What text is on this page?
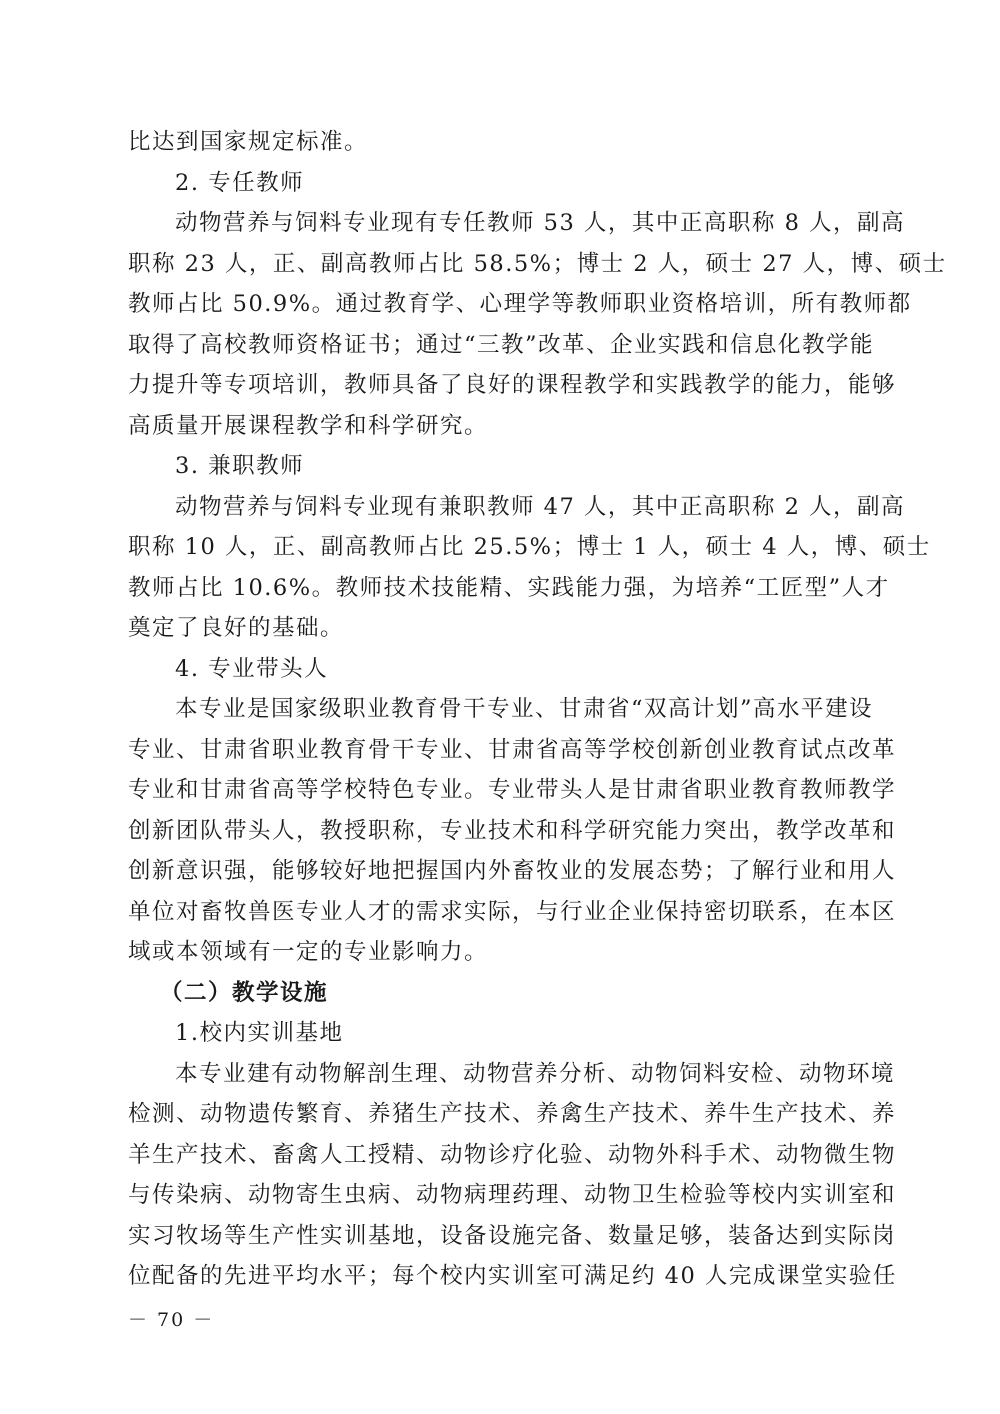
比达到国家规定标准。
2. 专任教师
动物营养与饲料专业现有专任教师 53 人，其中正高职称 8 人，副高
职称 23 人，正、副高教师占比 58.5%；博士 2 人，硕士 27 人，博、硕士
教师占比 50.9%。通过教育学、心理学等教师职业资格培训，所有教师都
取得了高校教师资格证书；通过“三教”改革、企业实践和信息化教学能
力提升等专项培训，教师具备了良好的课程教学和实践教学的能力，能够
高质量开展课程教学和科学研究。
3. 兼职教师
动物营养与饲料专业现有兼职教师 47 人，其中正高职称 2 人，副高
职称 10 人，正、副高教师占比 25.5%；博士 1 人，硕士 4 人，博、硕士
教师占比 10.6%。教师技术技能精、实践能力强，为培养“工匠型”人才
奠定了良好的基础。
4. 专业带头人
本专业是国家级职业教育骨干专业、甘肃省“双高计划”高水平建设
专业、甘肃省职业教育骨干专业、甘肃省高等学校创新创业教育试点改革
专业和甘肃省高等学校特色专业。专业带头人是甘肃省职业教育教师教学
创新团队带头人，教授职称，专业技术和科学研究能力突出，教学改革和
创新意识强，能够较好地把握国内外畜牧业的发展态势；了解行业和用人
单位对畜牧兽医专业人才的需求实际，与行业企业保持密切联系，在本区
域或本领域有一定的专业影响力。
（二）教学设施
1.校内实训基地
本专业建有动物解剖生理、动物营养分析、动物饲料安检、动物环境
检测、动物遗传繁育、养猪生产技术、养禽生产技术、养牛生产技术、养
羊生产技术、畜禽人工授精、动物诊疗化验、动物外科手术、动物微生物
与传染病、动物寄生虫病、动物病理药理、动物卫生检验等校内实训室和
实习牧场等生产性实训基地，设备设施完备、数量足够，装备达到实际岗
位配备的先进平均水平；每个校内实训室可满足约 40 人完成课堂实验任
－ 70 －
